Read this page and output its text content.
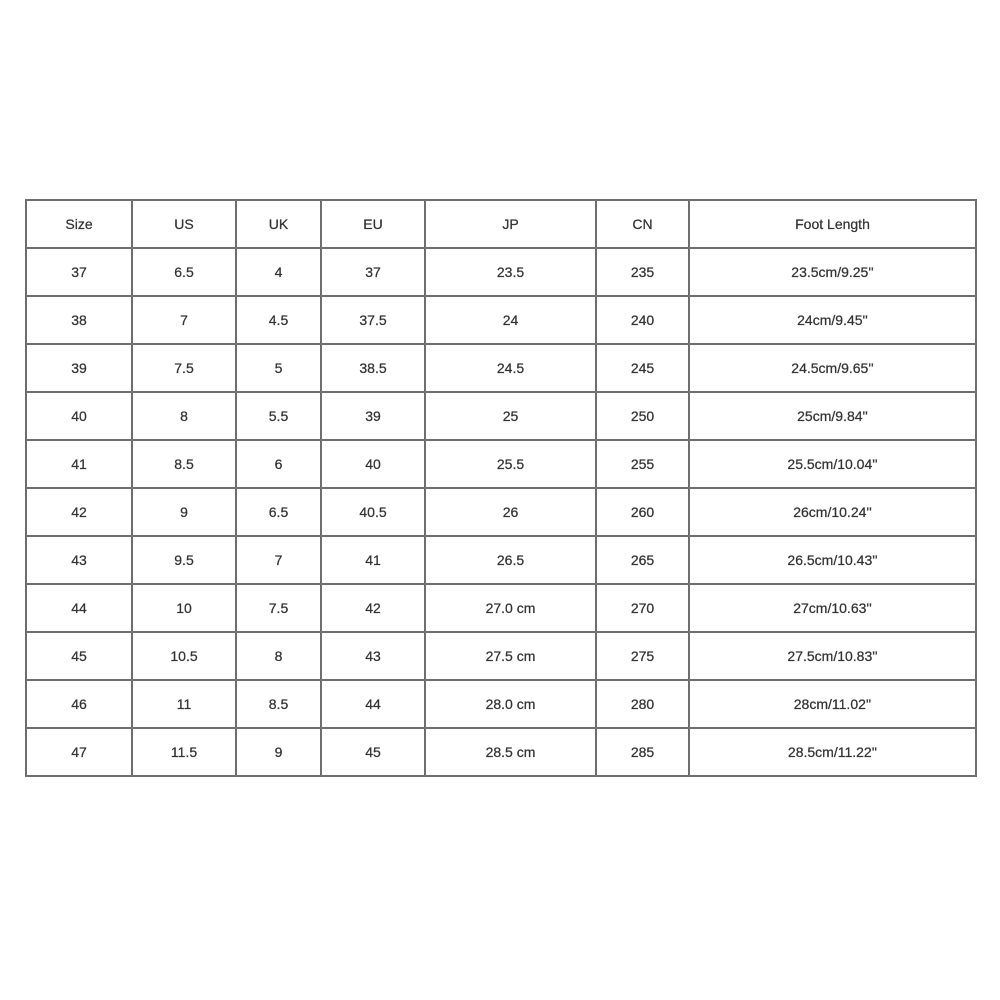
Size	US	UK	EU	JP	CN	Foot Length
37	6.5	4	37	23.5	235	23.5cm/9.25''
38	7	4.5	37.5	24	240	24cm/9.45''
39	7.5	5	38.5	24.5	245	24.5cm/9.65''
40	8	5.5	39	25	250	25cm/9.84''
41	8.5	6	40	25.5	255	25.5cm/10.04''
42	9	6.5	40.5	26	260	26cm/10.24''
43	9.5	7	41	26.5	265	26.5cm/10.43''
44	10	7.5	42	27.0 cm	270	27cm/10.63''
45	10.5	8	43	27.5 cm	275	27.5cm/10.83''
46	11	8.5	44	28.0 cm	280	28cm/11.02''
47	11.5	9	45	28.5 cm	285	28.5cm/11.22''
